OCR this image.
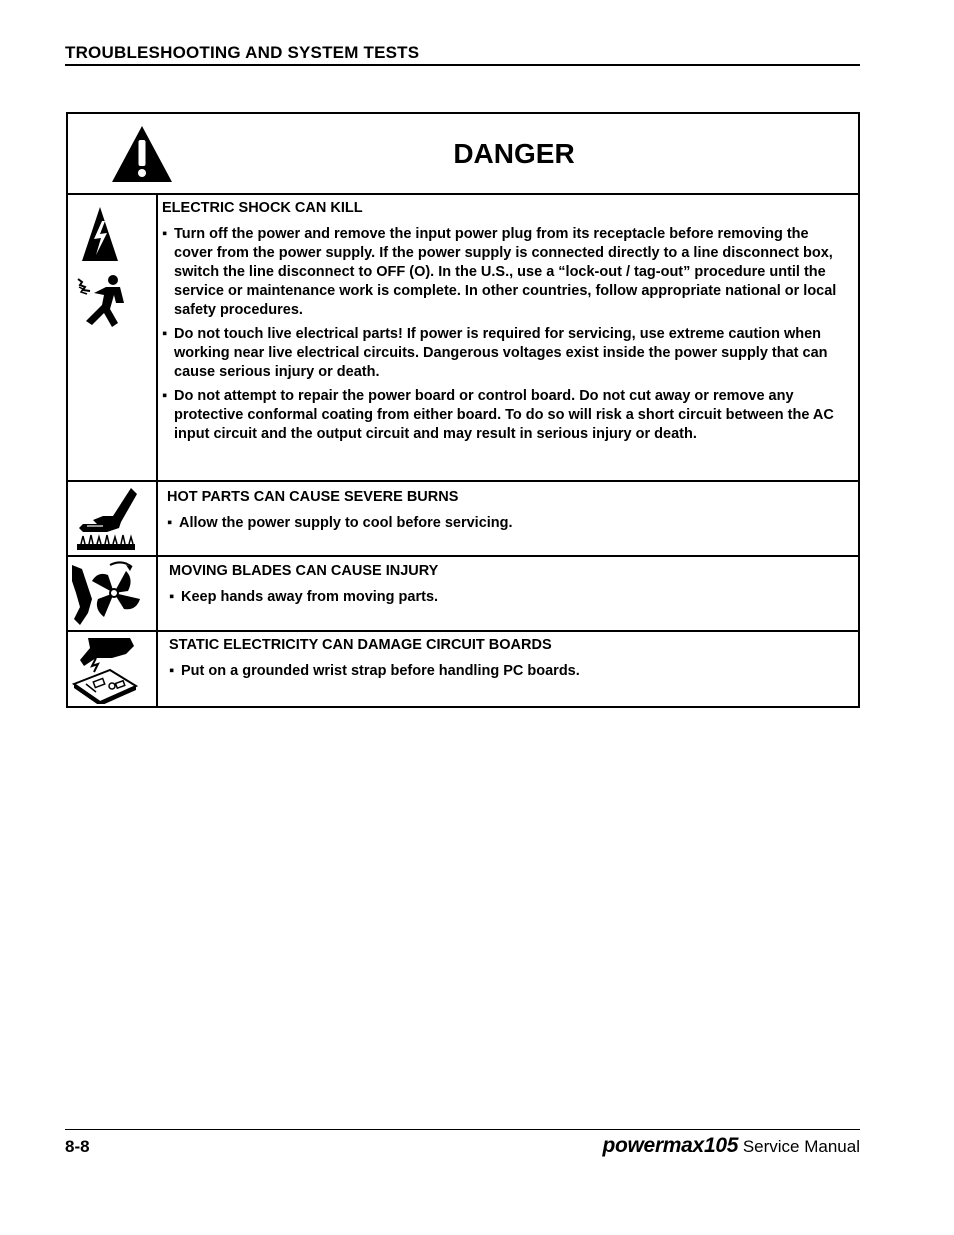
TROUBLESHOOTING AND SYSTEM TESTS
DANGER
ELECTRIC SHOCK CAN KILL
▪ Turn off the power and remove the input power plug from its receptacle before removing the cover from the power supply. If the power supply is connected directly to a line disconnect box, switch the line disconnect to OFF (O). In the U.S., use a “lock-out / tag-out” procedure until the service or maintenance work is complete. In other countries, follow appropriate national or local safety procedures.
▪ Do not touch live electrical parts! If power is required for servicing, use extreme caution when working near live electrical circuits. Dangerous voltages exist inside the power supply that can cause serious injury or death.
▪ Do not attempt to repair the power board or control board. Do not cut away or remove any protective conformal coating from either board. To do so will risk a short circuit between the AC input circuit and the output circuit and may result in serious injury or death.
HOT PARTS CAN CAUSE SEVERE BURNS
▪ Allow the power supply to cool before servicing.
MOVING BLADES CAN CAUSE INJURY
▪ Keep hands away from moving parts.
STATIC ELECTRICITY CAN DAMAGE CIRCUIT BOARDS
▪ Put on a grounded wrist strap before handling PC boards.
8-8	powermax105 Service Manual
